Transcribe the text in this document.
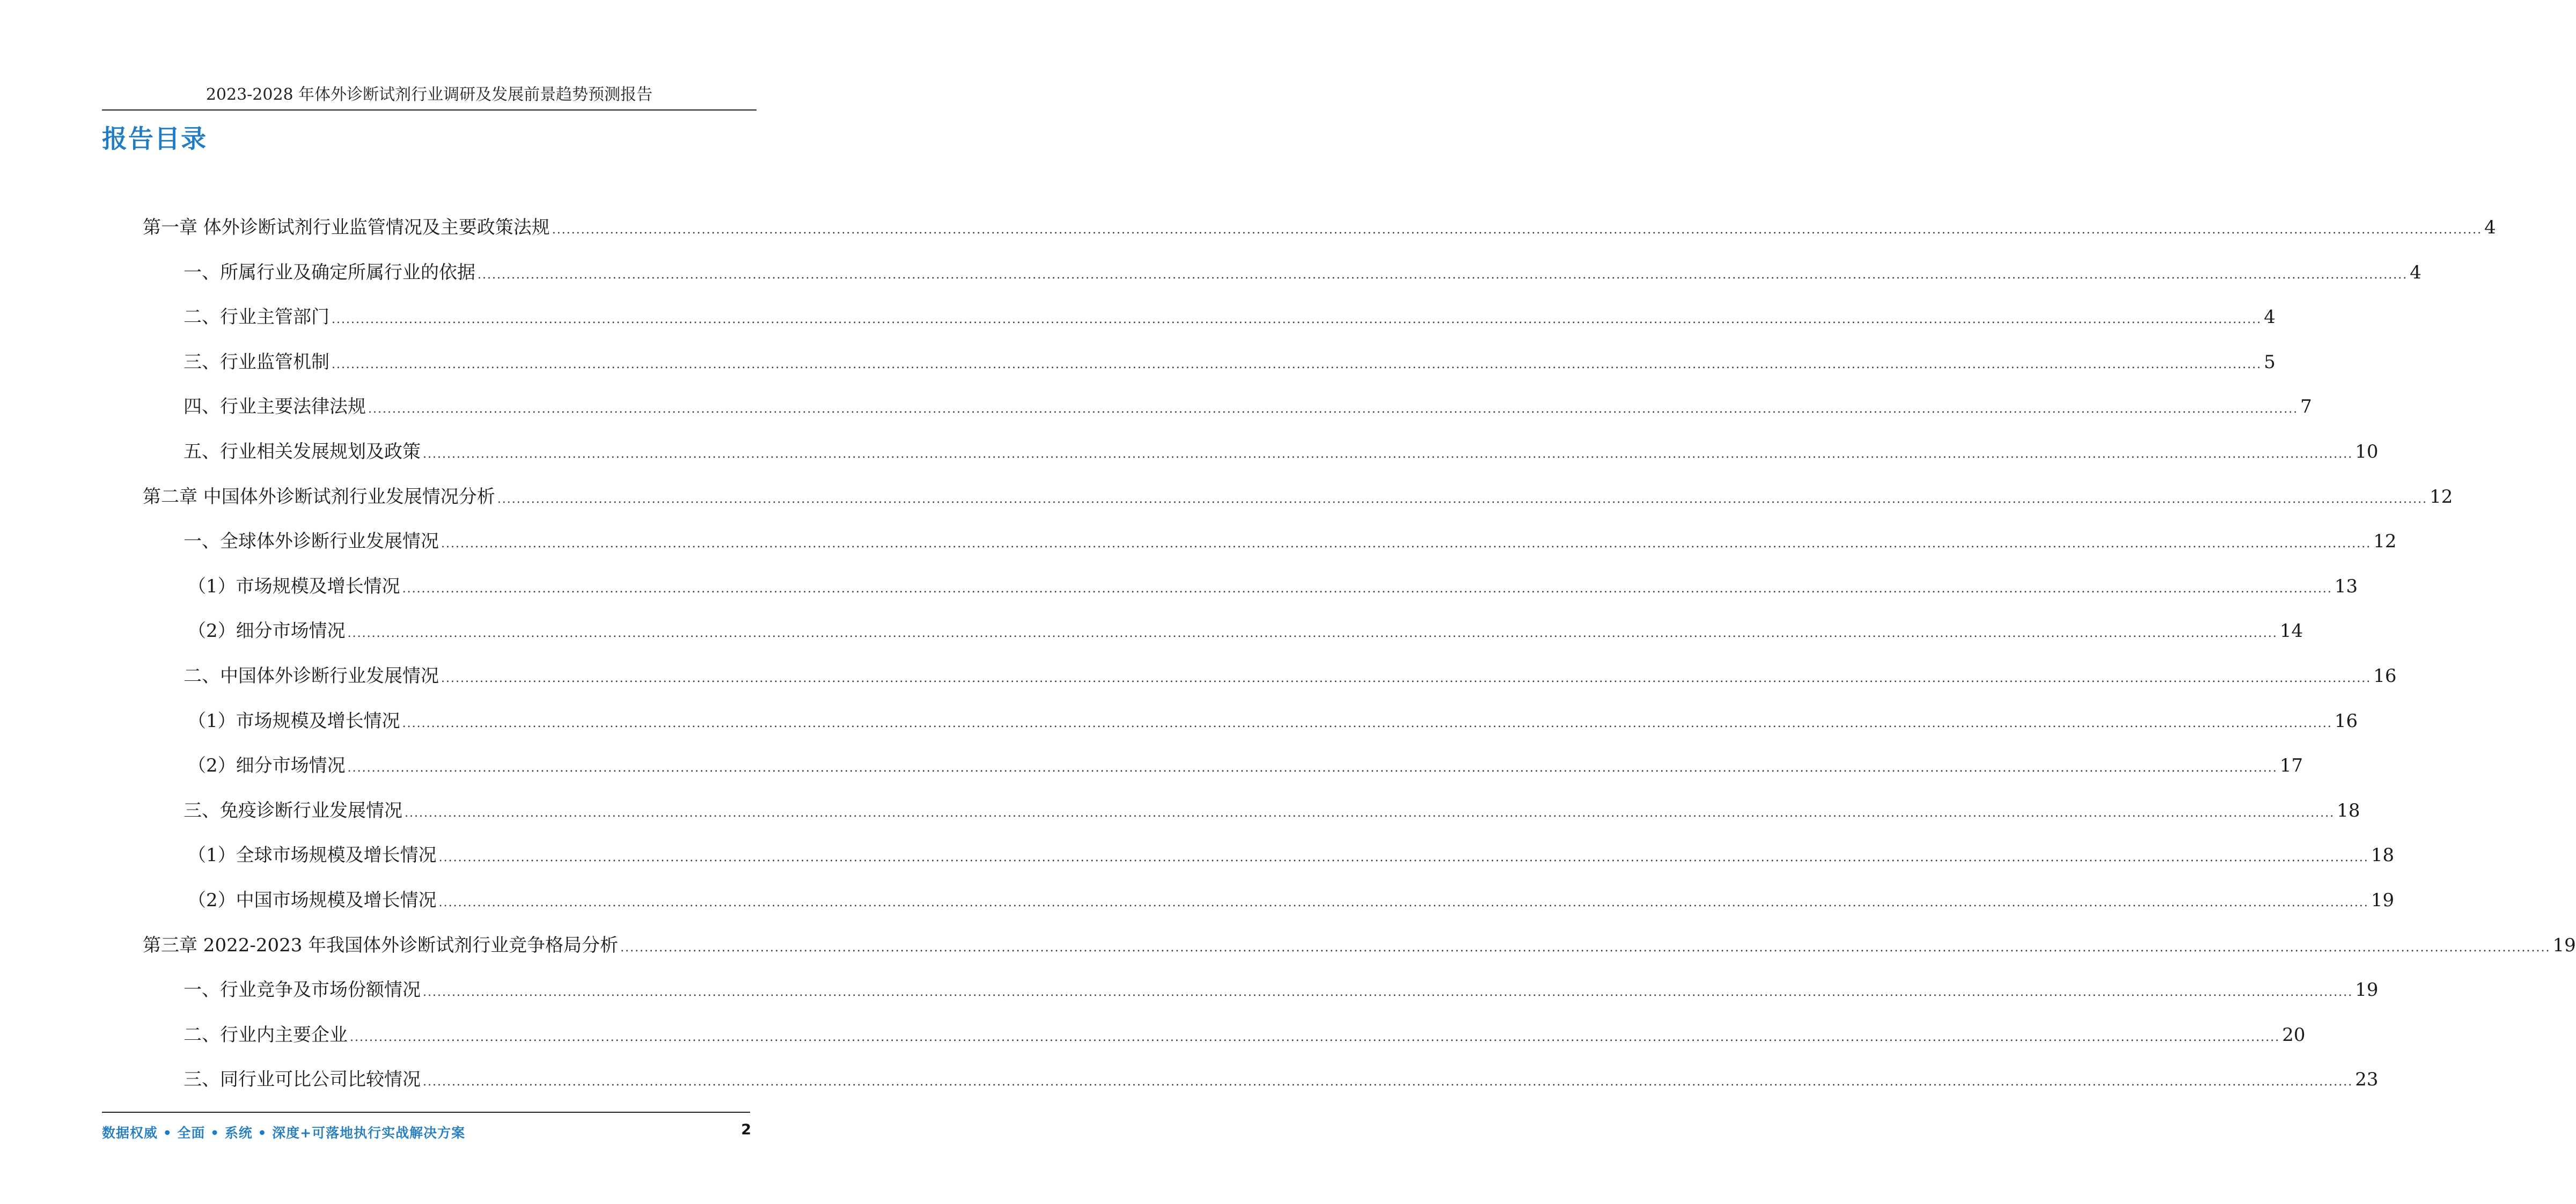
2023-2028 年体外诊断试剂行业调研及发展前景趋势预测报告
报告目录
第一章 体外诊断试剂行业监管情况及主要政策法规 ................................................................................................................................................................................................................................................................................................................................................................................................................ 4
一、所属行业及确定所属行业的依据 ................................................................................................................................................................................................................................................................................................................................................................................................................ 4
二、行业主管部门 ................................................................................................................................................................................................................................................................................................................................................................................................................ 4
三、行业监管机制 ................................................................................................................................................................................................................................................................................................................................................................................................................ 5
四、行业主要法律法规 ................................................................................................................................................................................................................................................................................................................................................................................................................ 7
五、行业相关发展规划及政策 ................................................................................................................................................................................................................................................................................................................................................................................................................ 10
第二章 中国体外诊断试剂行业发展情况分析 ................................................................................................................................................................................................................................................................................................................................................................................................................ 12
一、全球体外诊断行业发展情况 ................................................................................................................................................................................................................................................................................................................................................................................................................ 12
（1）市场规模及增长情况 ................................................................................................................................................................................................................................................................................................................................................................................................................ 13
（2）细分市场情况 ................................................................................................................................................................................................................................................................................................................................................................................................................ 14
二、中国体外诊断行业发展情况 ................................................................................................................................................................................................................................................................................................................................................................................................................ 16
（1）市场规模及增长情况 ................................................................................................................................................................................................................................................................................................................................................................................................................ 16
（2）细分市场情况 ................................................................................................................................................................................................................................................................................................................................................................................................................ 17
三、免疫诊断行业发展情况 ................................................................................................................................................................................................................................................................................................................................................................................................................ 18
（1）全球市场规模及增长情况 ................................................................................................................................................................................................................................................................................................................................................................................................................ 18
（2）中国市场规模及增长情况 ................................................................................................................................................................................................................................................................................................................................................................................................................ 19
第三章 2022-2023 年我国体外诊断试剂行业竞争格局分析 ................................................................................................................................................................................................................................................................................................................................................................................................................ 19
一、行业竞争及市场份额情况 ................................................................................................................................................................................................................................................................................................................................................................................................................ 19
二、行业内主要企业 ................................................................................................................................................................................................................................................................................................................................................................................................................ 20
三、同行业可比公司比较情况 ................................................................................................................................................................................................................................................................................................................................................................................................................ 23
数据权威 • 全面 • 系统 • 深度+可落地执行实战解决方案	2
